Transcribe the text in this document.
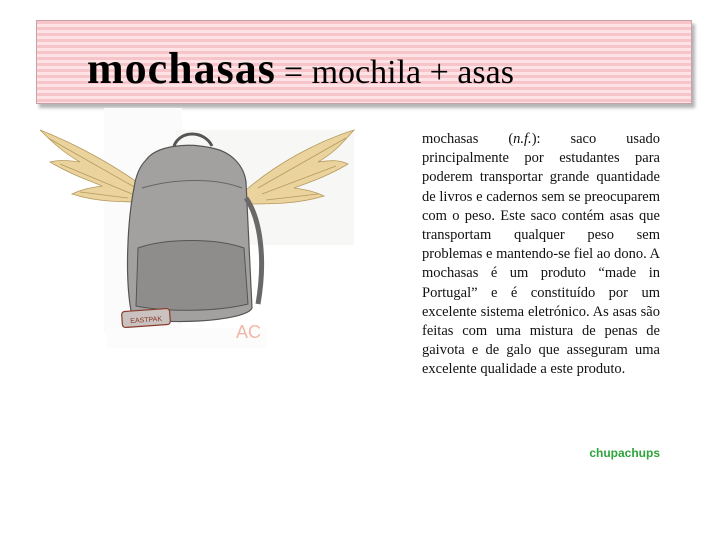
mochasas = mochila + asas
EASTPAK
AC
mochasas (n.f.): saco usado principalmente por estudantes para poderem transportar grande quantidade de livros e cadernos sem se preocuparem com o peso. Este saco contém asas que transportam qualquer peso sem problemas e mantendo-se fiel ao dono. A mochasas é um produto “made in Portugal” e é constituído por um excelente sistema eletrónico. As asas são feitas com uma mistura de penas de gaivota e de galo que asseguram uma excelente qualidade a este produto.
chupachups
